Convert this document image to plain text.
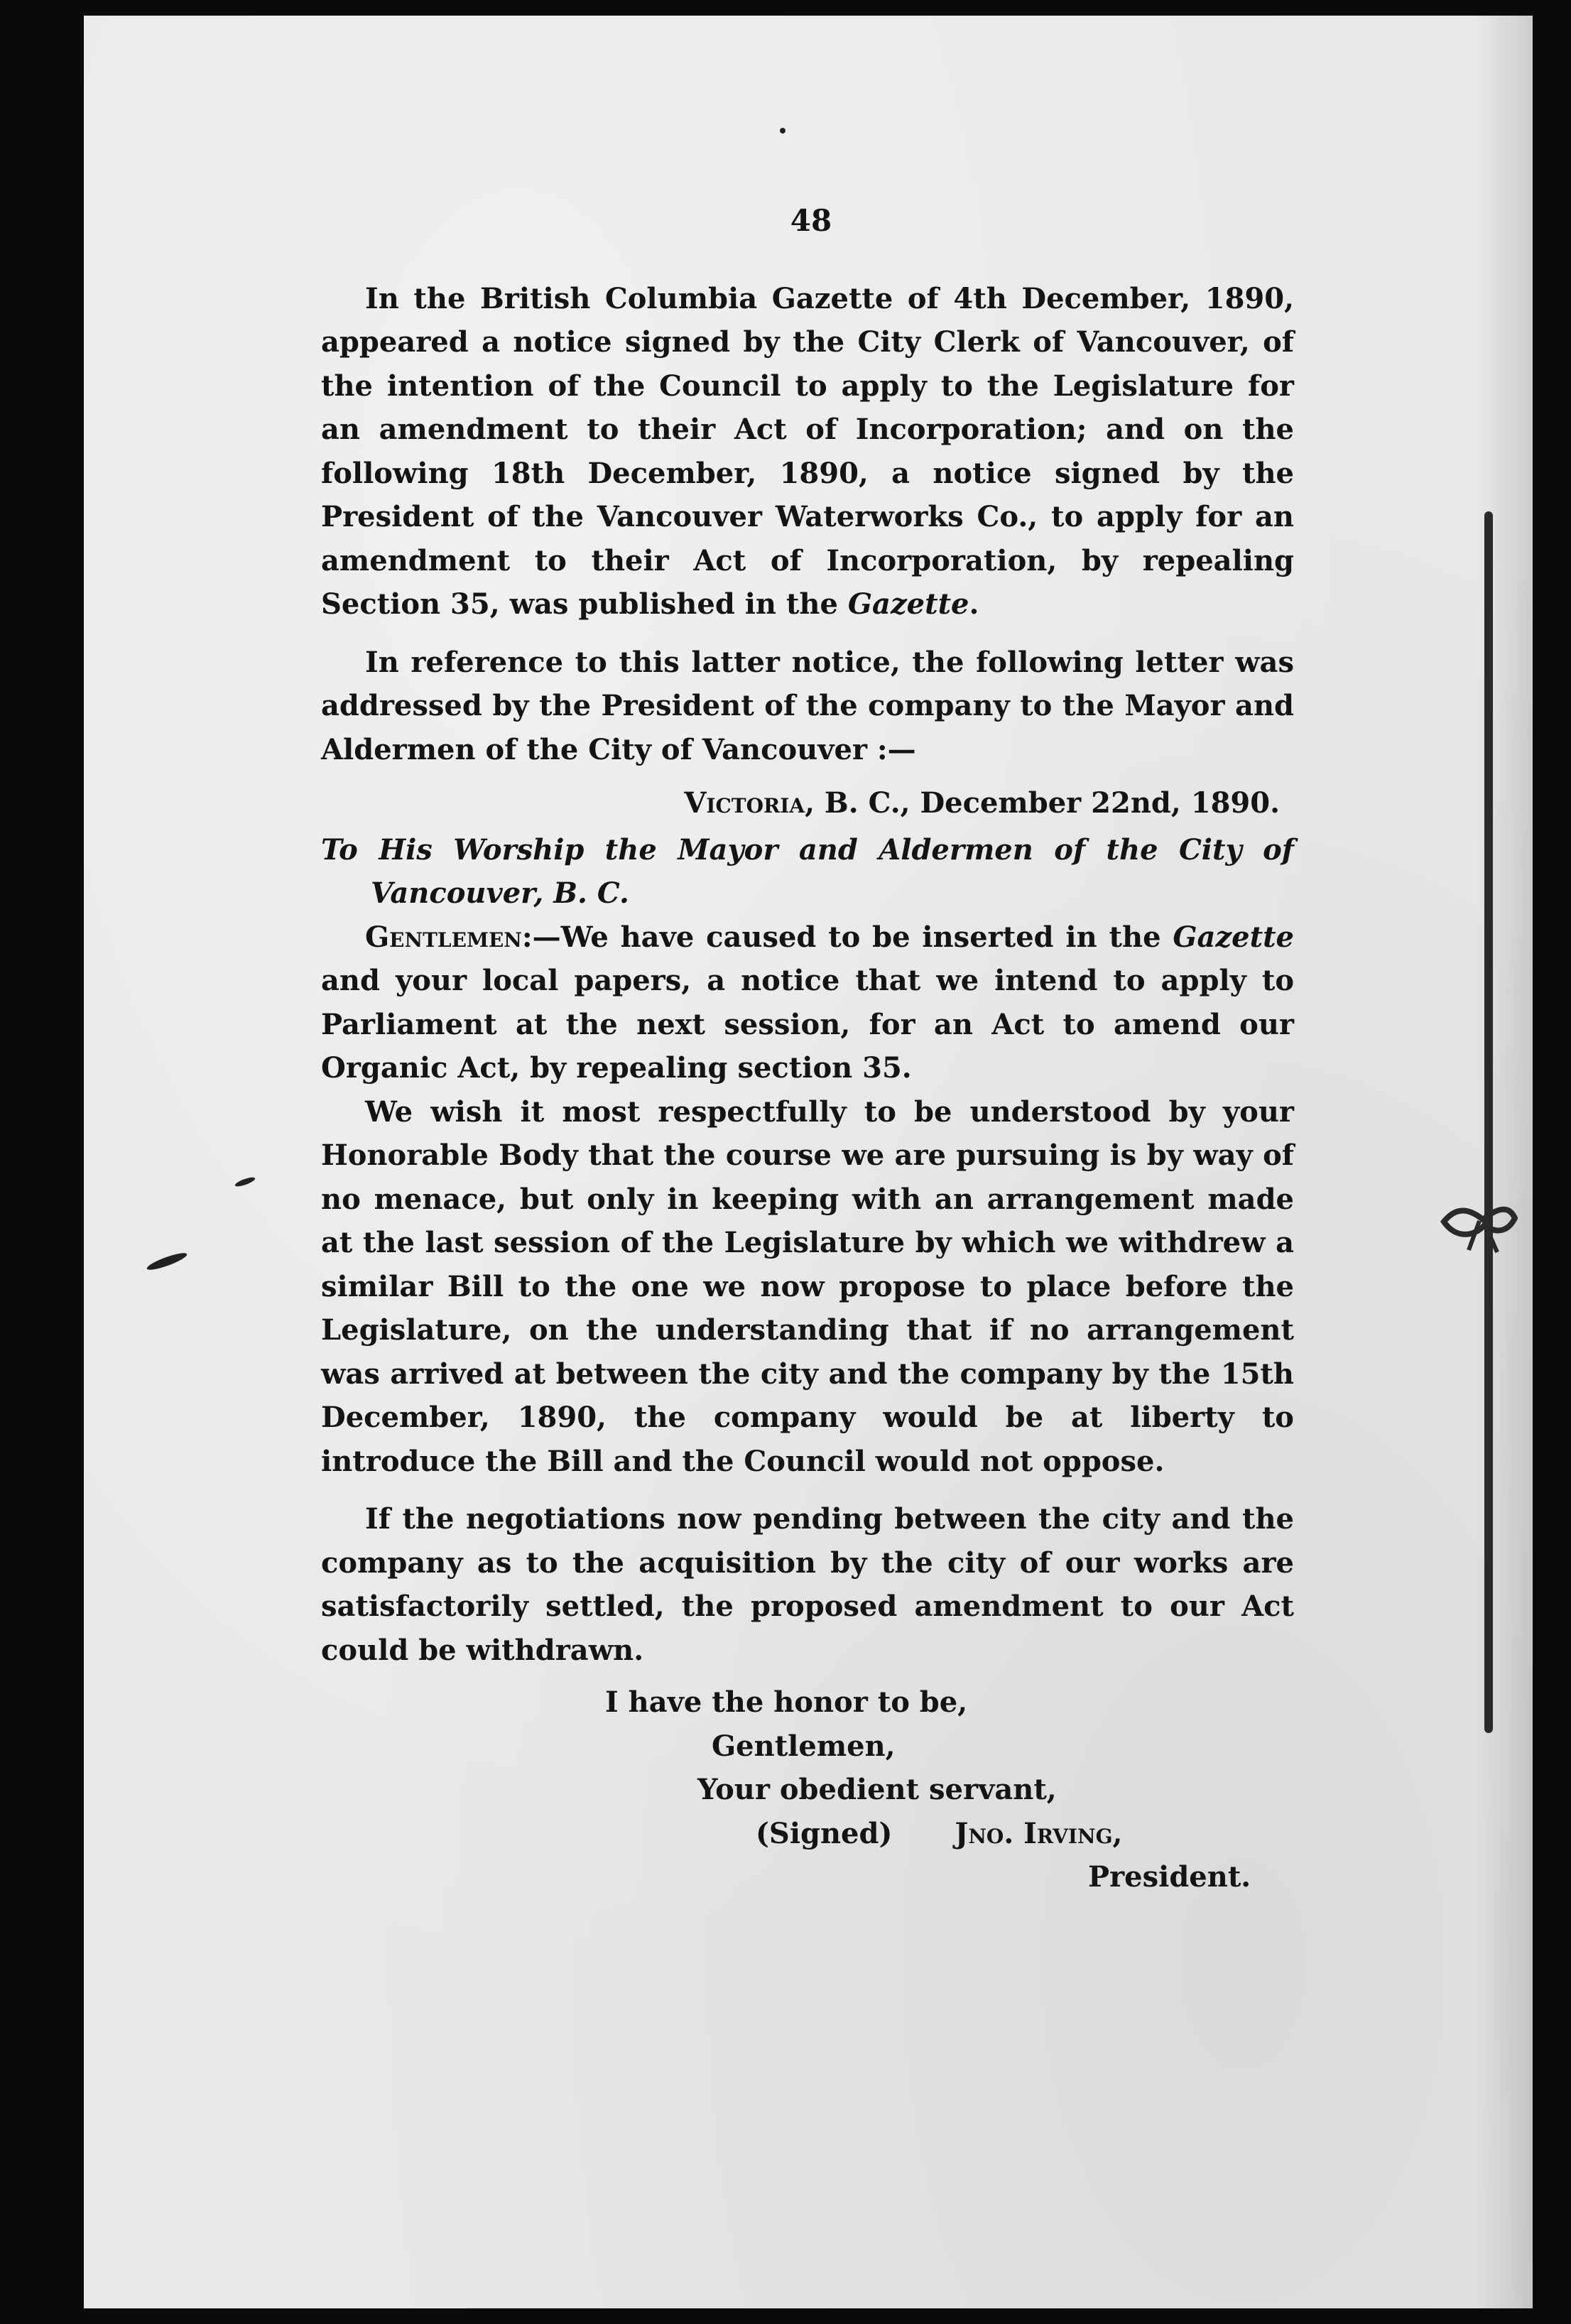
48

In the British Columbia Gazette of 4th December, 1890, appeared a notice signed by the City Clerk of Vancouver, of the intention of the Council to apply to the Legislature for an amendment to their Act of Incorporation; and on the following 18th December, 1890, a notice signed by the President of the Vancouver Waterworks Co., to apply for an amendment to their Act of Incorporation, by repealing Section 35, was published in the Gazette.

In reference to this latter notice, the following letter was addressed by the President of the company to the Mayor and Aldermen of the City of Vancouver :—

Victoria, B. C., December 22nd, 1890.
To His Worship the Mayor and Aldermen of the City of Vancouver, B. C.

Gentlemen:—We have caused to be inserted in the Gazette and your local papers, a notice that we intend to apply to Parliament at the next session, for an Act to amend our Organic Act, by repealing section 35.

We wish it most respectfully to be understood by your Honorable Body that the course we are pursuing is by way of no menace, but only in keeping with an arrangement made at the last session of the Legislature by which we withdrew a similar Bill to the one we now propose to place before the Legislature, on the understanding that if no arrangement was arrived at between the city and the company by the 15th December, 1890, the company would be at liberty to introduce the Bill and the Council would not oppose.

If the negotiations now pending between the city and the company as to the acquisition by the city of our works are satisfactorily settled, the proposed amendment to our Act could be withdrawn.

I have the honor to be,
Gentlemen,
Your obedient servant,
(Signed) Jno. Irving,
President.
